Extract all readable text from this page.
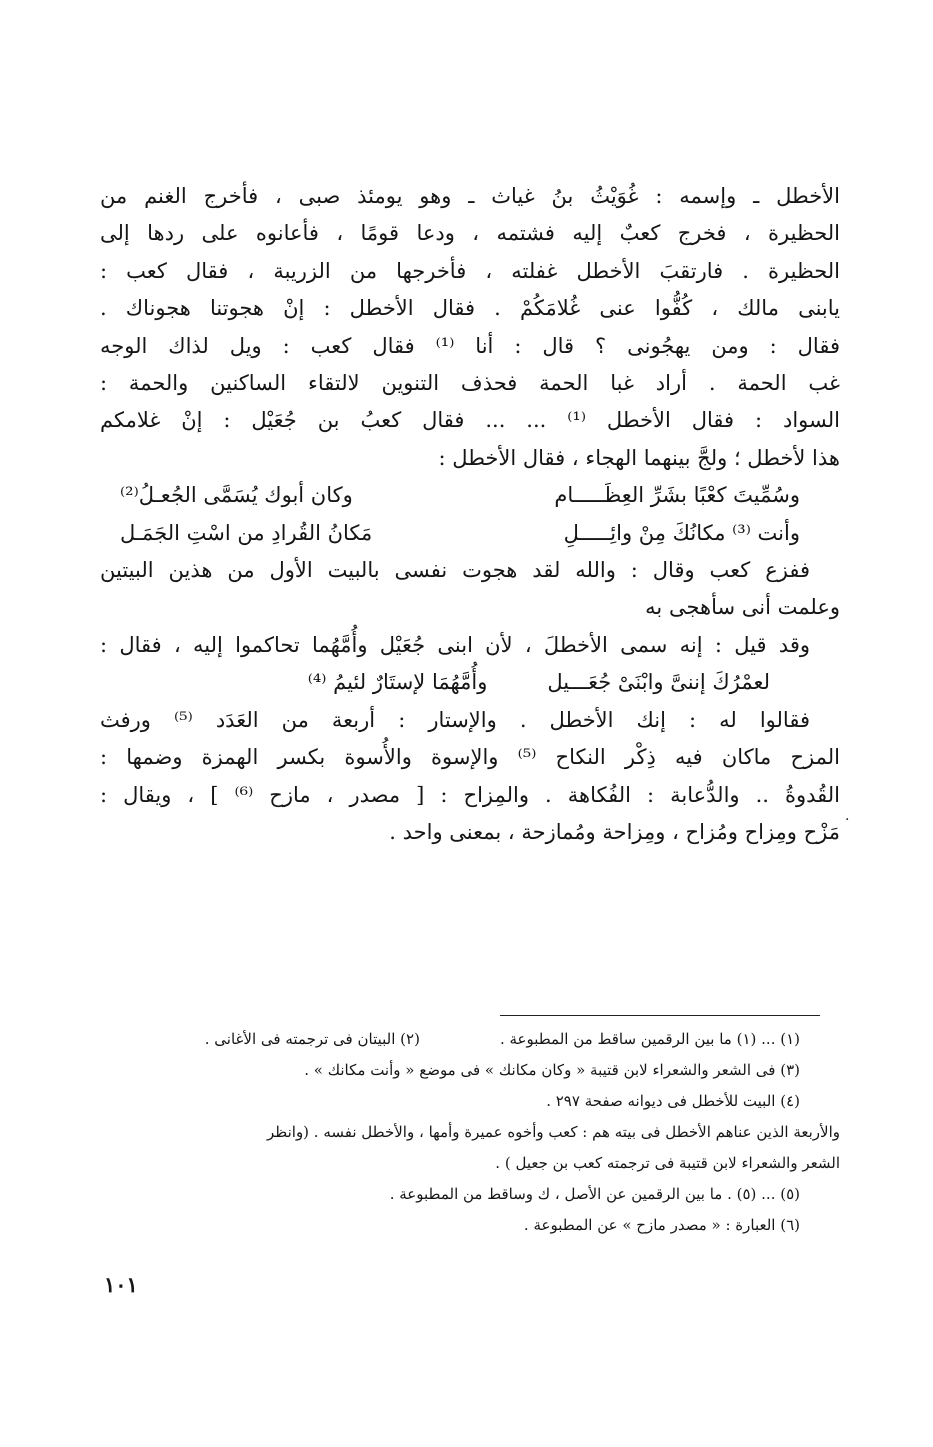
الأخطل ـ وإسمه : غُوَيْثُ بنُ غياث ـ وهو يومئذ صبى ، فأخرج الغنم من
الحظيرة ، فخرج كعبٌ إليه فشتمه ، ودعا قومًا ، فأعانوه على ردها إلى
الحظيرة . فارتقبَ الأخطل غفلته ، فأخرجها من الزريبة ، فقال كعب :
يابنى مالك ، كُفُّوا عنى غُلامَكُمْ . فقال الأخطل : إنْ هجوتنا هجوناك .
فقال : ومن يهجُونى ؟ قال : أنا ⁽¹⁾ فقال كعب : ويل لذاك الوجه
غب الحمة . أراد غبا الحمة فحذف التنوين لالتقاء الساكنين والحمة :
السواد : فقال الأخطل ⁽¹⁾ ... ... فقال كعبُ بن جُعَيْل : إنْ غلامكم
هذا لأخطل ؛ ولجَّ بينهما الهجاء ، فقال الأخطل :
وسُمِّيتَ كعْبًا بشَرِّ العِظَـــــام
وكان أبوك يُسَمَّى الجُعـلُ⁽²⁾
وأنت ⁽³⁾ مكانُكَ مِنْ وائِـــــلِ
مَكانُ القُرادِ من اسْتِ الجَمَـل
ففزع كعب وقال : والله لقد هجوت نفسى بالبيت الأول من هذين البيتين
وعلمت أنى سأهجى به
وقد قيل : إنه سمى الأخطلَ ، لأن ابنى جُعَيْل وأُمَّهُما تحاكموا إليه ، فقال :
لعمْرُكَ إننىَّ وابْنَىْ جُعَـــيل
وأُمَّهُمَا لإستَارٌ لئيمُ ⁽⁴⁾
فقالوا له : إنك الأخطل . والإستار : أربعة من العَدَد ⁽⁵⁾ ورفث
المزح ماكان فيه ذِكْر النكاح ⁽⁵⁾ والإسوة والأُسوة بكسر الهمزة وضمها :
القُدوةُ .. والدُّعابة : الفُكاهة . والمِزاح : [ مصدر ، مازح ⁽⁶⁾ ] ، ويقال :
مَزْح ومِزاح ومُزاح ، ومِزاحة ومُمازحة ، بمعنى واحد .
.
(١) ... (١) ما بين الرقمين ساقط من المطبوعة .
(٢) البيتان فى ترجمته فى الأغانى .
(٣) فى الشعر والشعراء لابن قتيبة « وكان مكانك » فى موضع « وأنت مكانك » .
(٤) البيت للأخطل فى ديوانه صفحة ٢٩٧ .
والأربعة الذين عناهم الأخطل فى بيته هم : كعب وأخوه عميرة وأمها ، والأخطل نفسه . (وانظر
الشعر والشعراء لابن قتيبة فى ترجمته كعب بن جعيل ) .
(٥) ... (٥) . ما بين الرقمين عن الأصل ، ك وساقط من المطبوعة .
(٦) العبارة : « مصدر مازح » عن المطبوعة .
١٠١
